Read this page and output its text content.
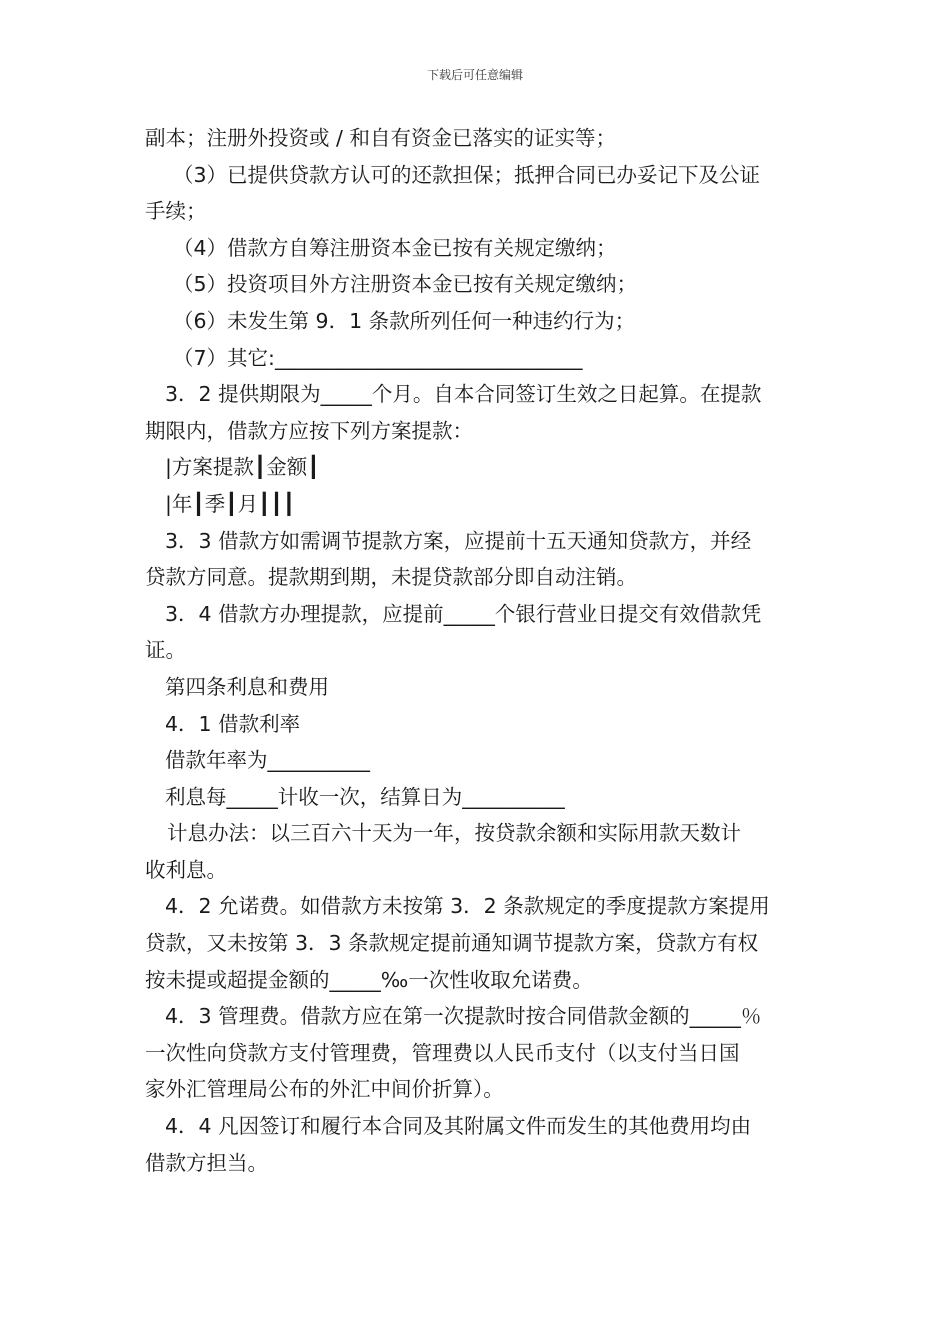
下载后可任意编辑
副本；注册外投资或 / 和自有资金已落实的证实等；
（3）已提供贷款方认可的还款担保；抵押合同已办妥记下及公证
手续；
（4）借款方自筹注册资本金已按有关规定缴纳；
（5）投资项目外方注册资本金已按有关规定缴纳；
（6）未发生第 9．1 条款所列任何一种违约行为；
（7）其它:______________________________
3．2 提供期限为_____个月。自本合同签订生效之日起算。在提款
期限内，借款方应按下列方案提款：
|方案提款┃金额┃
|年┃季┃月┃┃┃
3．3 借款方如需调节提款方案，应提前十五天通知贷款方，并经
贷款方同意。提款期到期，未提贷款部分即自动注销。
3．4 借款方办理提款，应提前_____个银行营业日提交有效借款凭
证。
第四条利息和费用
4．1 借款利率
借款年率为__________
利息每_____计收一次，结算日为__________
计息办法：以三百六十天为一年，按贷款余额和实际用款天数计
收利息。
4．2 允诺费。如借款方未按第 3．2 条款规定的季度提款方案提用
贷款，又未按第 3．3 条款规定提前通知调节提款方案，贷款方有权
按未提或超提金额的_____‰一次性收取允诺费。
4．3 管理费。借款方应在第一次提款时按合同借款金额的_____％
一次性向贷款方支付管理费，管理费以人民币支付（以支付当日国
家外汇管理局公布的外汇中间价折算）。
4．4 凡因签订和履行本合同及其附属文件而发生的其他费用均由
借款方担当。
